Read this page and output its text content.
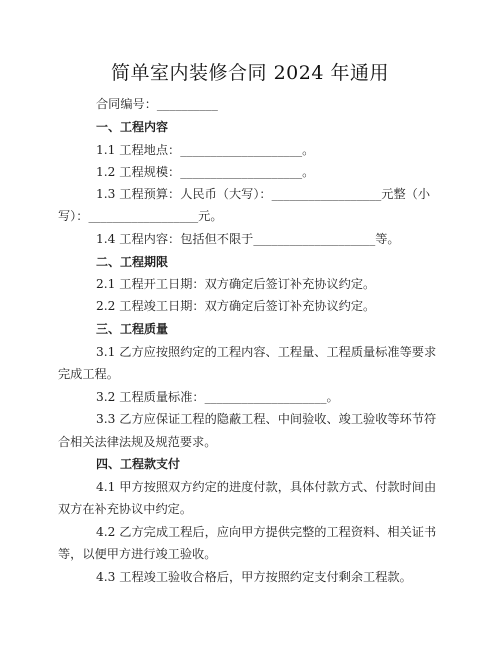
简单室内装修合同 2024 年通用
合同编号：__________
一、工程内容
1.1 工程地点：____________________。
1.2 工程规模：____________________。
1.3 工程预算：人民币（大写）：__________________元整（小
写）：__________________元。
1.4 工程内容：包括但不限于____________________等。
二、工程期限
2.1 工程开工日期：双方确定后签订补充协议约定。
2.2 工程竣工日期：双方确定后签订补充协议约定。
三、工程质量
3.1 乙方应按照约定的工程内容、工程量、工程质量标准等要求
完成工程。
3.2 工程质量标准：____________________。
3.3 乙方应保证工程的隐蔽工程、中间验收、竣工验收等环节符
合相关法律法规及规范要求。
四、工程款支付
4.1 甲方按照双方约定的进度付款，具体付款方式、付款时间由
双方在补充协议中约定。
4.2 乙方完成工程后，应向甲方提供完整的工程资料、相关证书
等，以便甲方进行竣工验收。
4.3 工程竣工验收合格后，甲方按照约定支付剩余工程款。
